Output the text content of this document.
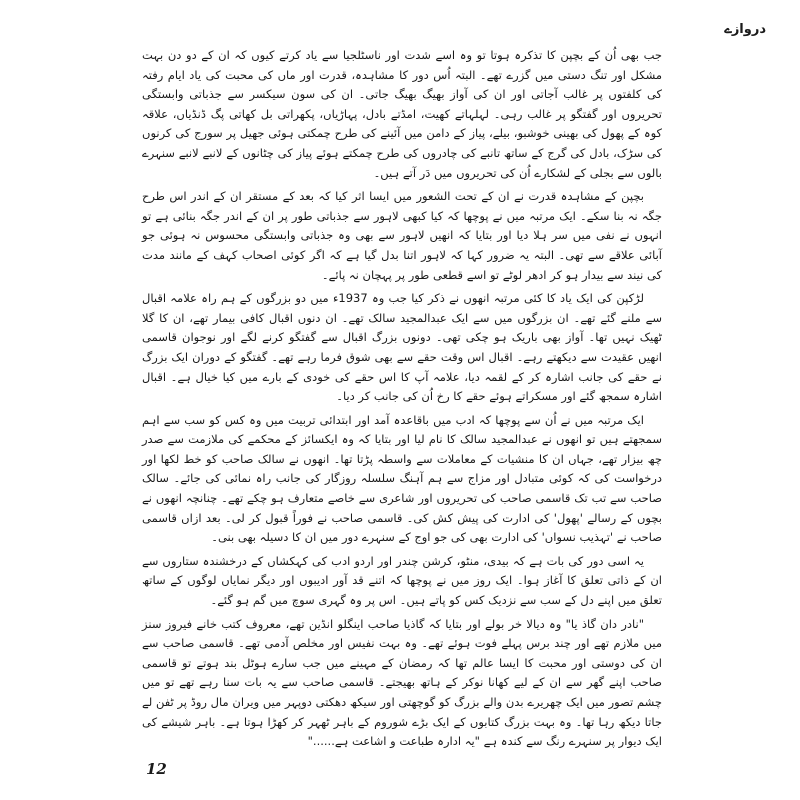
دروازے

جب بھی اُن کے بچپن کا تذکرہ ہوتا تو وہ اسے شدت اور ناسٹلجیا سے یاد کرتے کیوں کہ ان کے دو دن بہت مشکل اور تنگ دستی میں گزرے تھے۔ البتہ اُس دور کا مشاہدہ، قدرت اور ماں کی محبت کی یاد ایام رفتہ کی کلفتوں پر غالب آجاتی اور ان کی آواز بھیگ بھیگ جاتی۔ ان کی سون سیکسر سے جذباتی وابستگی تحریروں اور گفتگو پر غالب رہی۔ لہلہاتے کھیت، امڈتے بادل، پہاڑیاں، پکھراتی بل کھاتی پگ ڈنڈیاں، علاقہ کوہ کے پھول کی بھینی خوشبو، بیلے، پیاز کے دامن میں آئینے کی طرح چمکتی ہوئی جھیل پر سورج کی کرنوں کی سڑک، بادل کی گرج کے ساتھ تانبے کی چادروں کی طرح چمکتے ہوئے پیاز کی چٹانوں کے لانبے لانبے سنہرے بالوں سے بجلی کے لشکارے اُن کی تحریروں میں دَر آتے ہیں۔

بچپن کے مشاہدہ قدرت نے ان کے تحت الشعور میں ایسا اثر کیا کہ بعد کے مستقر ان کے اندر اس طرح جگہ نہ بنا سکے۔ ایک مرتبہ میں نے پوچھا کہ کیا کبھی لاہور سے جذباتی طور پر ان کے اندر جگہ بنائی ہے تو انہوں نے نفی میں سر ہلا دیا اور بتایا کہ انھیں لاہور سے بھی وہ جذباتی وابستگی محسوس نہ ہوئی جو آبائی علاقے سے تھی۔ البتہ یہ ضرور کہا کہ لاہور اتنا بدل گیا ہے کہ اگر کوئی اصحاب کہف کے مانند مدت کی نیند سے بیدار ہو کر ادھر لوٹے تو اسے قطعی طور پر پہچان نہ پائے۔

لڑکپن کی ایک یاد کا کئی مرتبہ انھوں نے ذکر کیا جب وہ 1937ء میں دو بزرگوں کے ہم راہ علامہ اقبال سے ملنے گئے تھے۔ ان بزرگوں میں سے ایک عبدالمجید سالک تھے۔ ان دنوں اقبال کافی بیمار تھے، ان کا گلا ٹھیک نہیں تھا۔ آواز بھی باریک ہو چکی تھی۔ دونوں بزرگ اقبال سے گفتگو کرنے لگے اور نوجوان قاسمی انھیں عقیدت سے دیکھتے رہے۔ اقبال اس وقت حقے سے بھی شوق فرما رہے تھے۔ گفتگو کے دوران ایک بزرگ نے حقے کی جانب اشارہ کر کے لقمہ دیا، علامہ آپ کا اس حقے کی خودی کے بارے میں کیا خیال ہے۔ اقبال اشارہ سمجھ گئے اور مسکراتے ہوئے حقے کا رخ اُن کی جانب کر دیا۔

ایک مرتبہ میں نے اُن سے پوچھا کہ ادب میں باقاعدہ آمد اور ابتدائی تربیت میں وہ کس کو سب سے اہم سمجھتے ہیں تو انھوں نے عبدالمجید سالک کا نام لیا اور بتایا کہ وہ ایکسائز کے محکمے کی ملازمت سے صدر چھ بیزار تھے، جہاں ان کا منشیات کے معاملات سے واسطہ پڑتا تھا۔ انھوں نے سالک صاحب کو خط لکھا اور درخواست کی کہ کوئی متبادل اور مزاج سے ہم آہنگ سلسلہ روزگار کی جانب راہ نمائی کی جائے۔ سالک صاحب سے تب تک قاسمی صاحب کی تحریروں اور شاعری سے خاصے متعارف ہو چکے تھے۔ چنانچہ انھوں نے بچوں کے رسالے 'پھول' کی ادارت کی پیش کش کی۔ قاسمی صاحب نے فوراً قبول کر لی۔ بعد ازاں قاسمی صاحب نے 'تہذیب نسواں' کی ادارت بھی کی جو اوج کے سنہرے دور میں ان کا دسیلہ بھی بنی۔

یہ اسی دور کی بات ہے کہ بیدی، منٹو، کرشن چندر اور اردو ادب کی کہکشاں کے درخشندہ ستاروں سے ان کے ذاتی تعلق کا آغاز ہوا۔ ایک روز میں نے پوچھا کہ اتنے قد آور ادیبوں اور دیگر نمایاں لوگوں کے ساتھ تعلق میں اپنے دل کے سب سے نزدیک کس کو پاتے ہیں۔ اس پر وہ گہری سوچ میں گم ہو گئے۔

"نادر دان گاذ یا" وہ دیالا خر بولے اور بتایا کہ گاذیا صاحب اینگلو انڈین تھے، معروف کتب خانے فیروز سنز میں ملازم تھے اور چند برس پہلے فوت ہوئے تھے۔ وہ بہت نفیس اور مخلص آدمی تھے۔ قاسمی صاحب سے ان کی دوستی اور محبت کا ایسا عالم تھا کہ رمضان کے مہینے میں جب سارے ہوٹل بند ہوتے تو قاسمی صاحب اپنے گھر سے ان کے لیے کھانا نوکر کے ہاتھ بھیجتے۔ قاسمی صاحب سے یہ بات سنا رہے تھے تو میں چشم تصور میں ایک چھریرے بدن والے بزرگ کو گوچھتی اور سیکھ دھکتی دوپہر میں ویران مال روڈ پر ٹفن لے جاتا دیکھ رہا تھا۔ وہ بہت بزرگ کتابوں کے ایک بڑے شوروم کے باہر ٹھہر کر کھڑا ہوتا ہے۔ باہر شیشے کی ایک دیوار پر سنہرے رنگ سے کندہ ہے "یہ ادارہ طباعت و اشاعت ہے......"

12
